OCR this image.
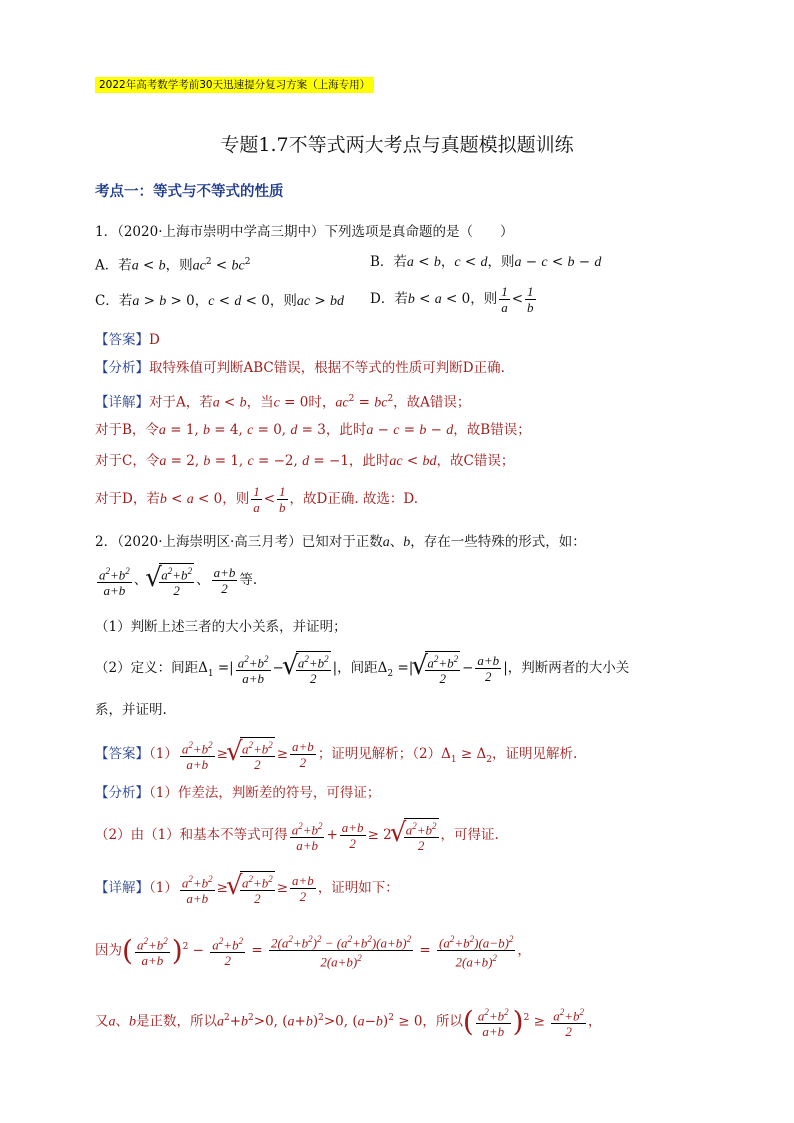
2022年高考数学考前30天迅速提分复习方案（上海专用）
专题1.7不等式两大考点与真题模拟题训练
考点一：等式与不等式的性质
1．（2020·上海市崇明中学高三期中）下列选项是真命题的是（　　）
A．若a < b，则$ac^2 < bc^2$	B．若a < b，c < d，则a − c < b − d
C．若a > b > 0，c < d < 0，则ac > bd D．若b < a < 0，则 $\frac{1}{a} < \frac{1}{b}$
【答案】D
【分析】取特殊值可判断ABC错误，根据不等式的性质可判断D正确.
【详解】对于A，若a < b，当c = 0时，$ac^2 = bc^2$，故A错误；
对于B，令a = 1, b = 4, c = 0, d = 3，此时a − c = b − d，故B错误；
对于C，令a = 2, b = 1, c = −2, d = −1，此时ac < bd，故C错误；
对于D，若b < a < 0，则 $\frac{1}{a} < \frac{1}{b}$ ，故D正确. 故选：D.
2．（2020·上海崇明区·高三月考）已知对于正数a、b，存在一些特殊的形式，如：
$\frac{a^2+b^2}{a+b}$ 、 √ $\frac{a^2+b^2}{2}$ 、 $\frac{a+b}{2}$ 等.
（1）判断上述三者的大小关系，并证明；
（2）定义：间距$\Delta_1$ =| $\frac{a^2+b^2}{a+b}$ − √ $\frac{a^2+b^2}{2}$ |，间距$\Delta_2$ =| √ $\frac{a^2+b^2}{2} - \frac{a+b}{2}$ |，判断两者的大小关
系，并证明.
【答案】$(1) \frac{a^2+b^2}{a+b}$ ≥ √ $\frac{a^2+b^2}{2} \ge \frac{a+b}{2}$ ；证明见解析；$(2)\Delta_1 \ge \Delta_2$，证明见解析.
【分析】（1）作差法，判断差的符号，可得证；
（2）由（1）和基本不等式可得 $\frac{a^2+b^2}{a+b} + \frac{a+b}{2} \ge 2$ √ $\frac{a^2+b^2}{2}$ ，可得证.
【详解】$(1) \frac{a^2+b^2}{a+b}$ ≥ √ $\frac{a^2+b^2}{2} \ge \frac{a+b}{2}$ ，证明如下：
因为( $\frac{a^2+b^2}{a+b} )^2 - \frac{a^2+b^2}{2} = \frac{2(a^2+b^2)^2 - (a^2+b^2)(a+b)^2}{2(a+b)^2} = \frac{(a^2+b^2)(a-b)^2}{2(a+b)^2}$ ，
又a、b是正数，所以$a^2+b^2>0$, $(a+b)^2>0$, $(a-b)^2 \ge 0$，所以( $\frac{a^2+b^2}{a+b} )^2 \ge \frac{a^2+b^2}{2}$ ，
